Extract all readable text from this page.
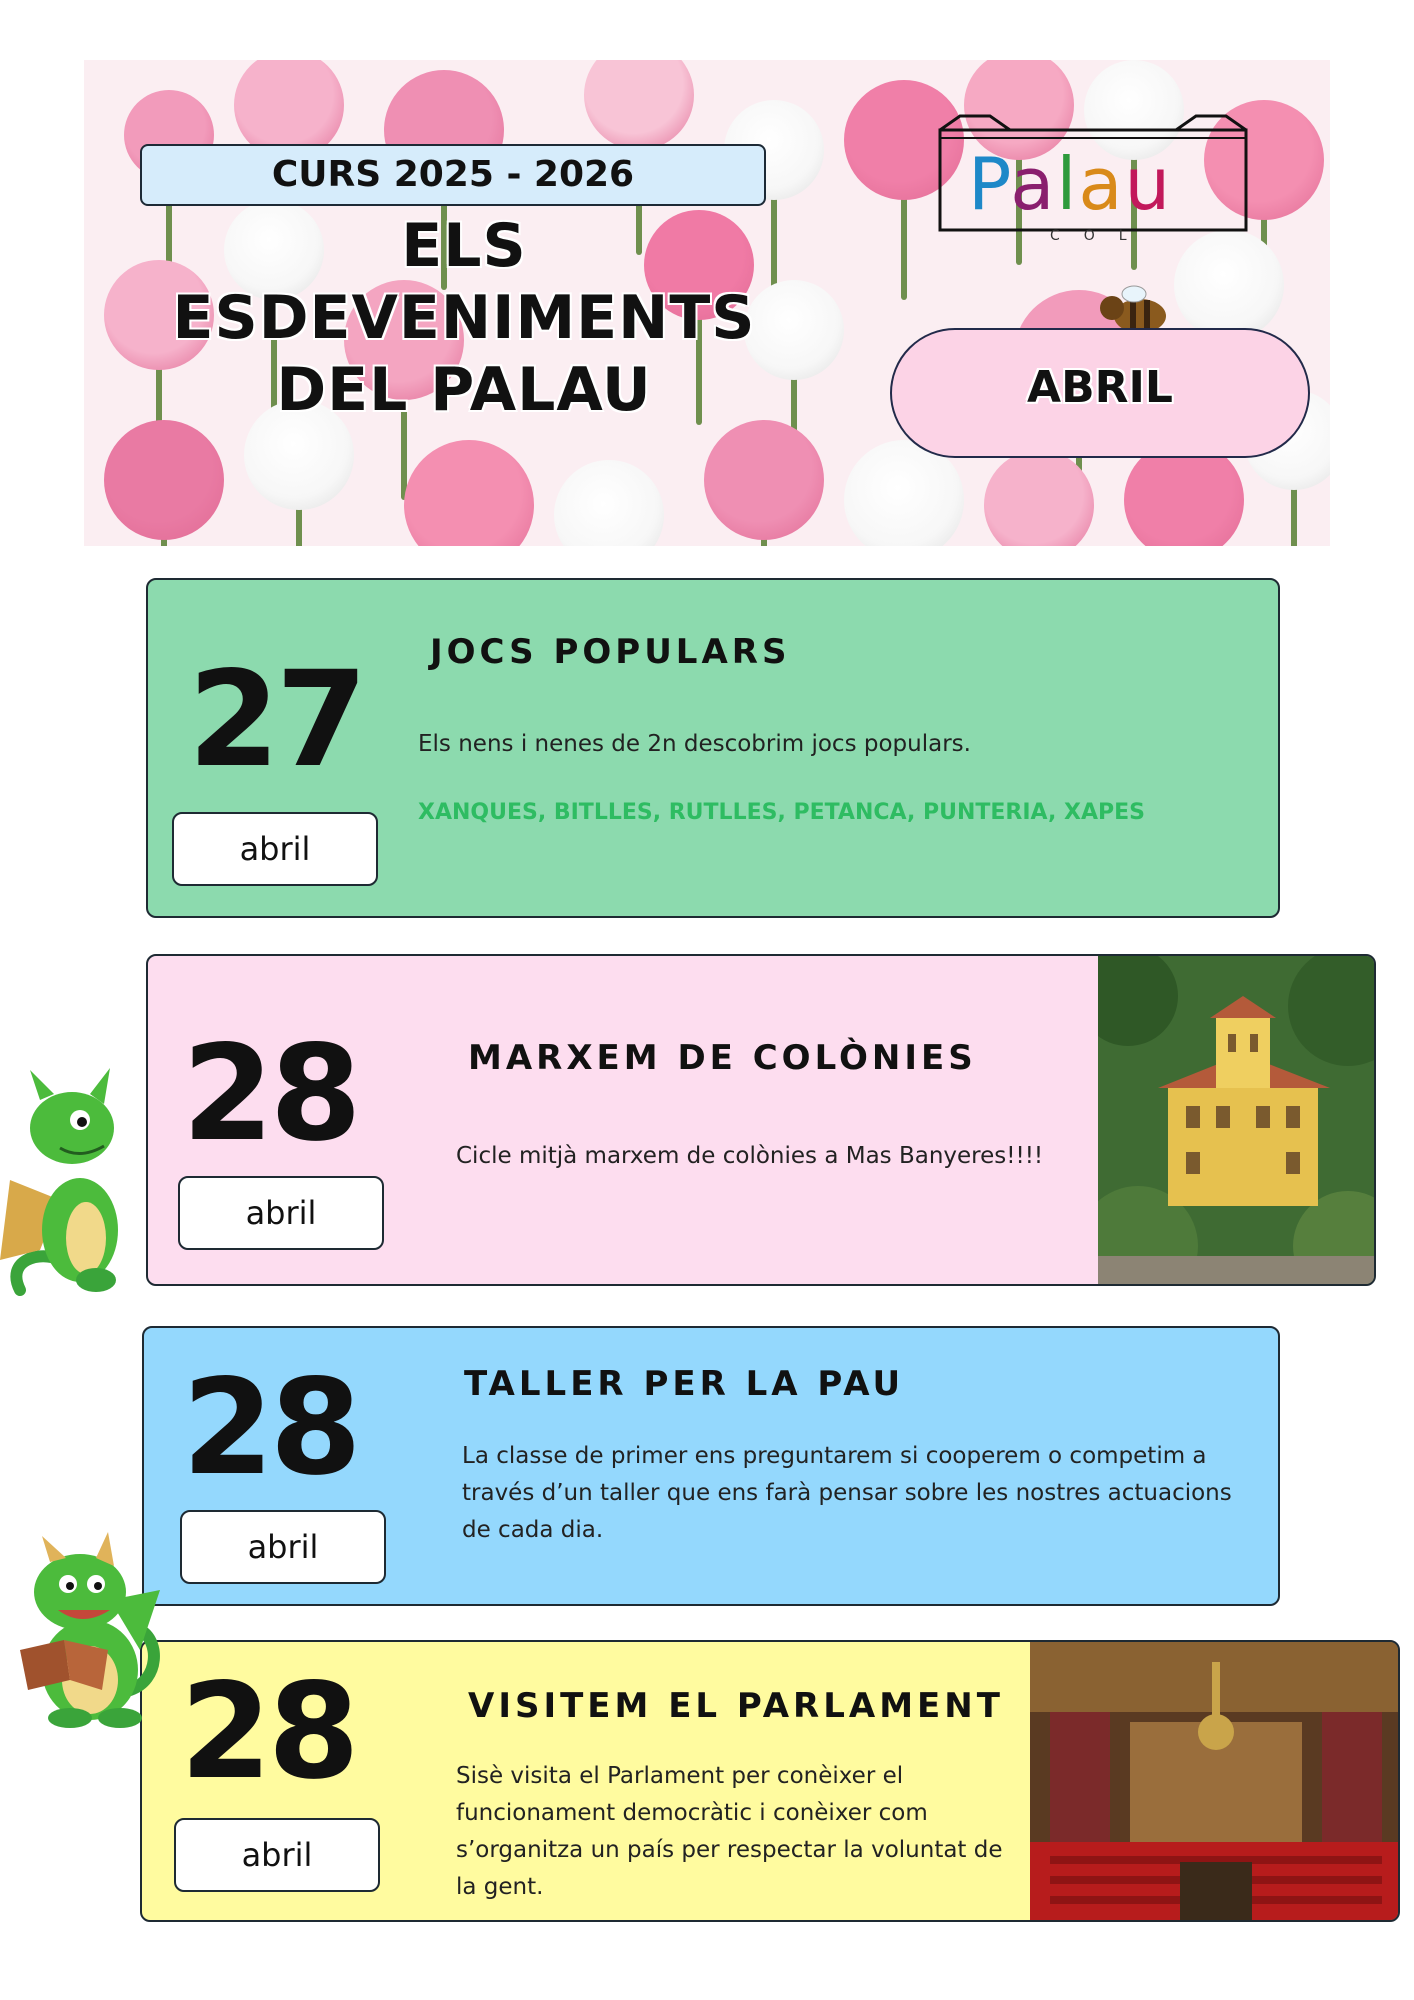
CURS 2025 - 2026
ELS
ESDEVENIMENTS
DEL PALAU
Palau
COL
ABRIL
27
abril
JOCS POPULARS
Els nens i nenes de 2n descobrim jocs populars.
XANQUES, BITLLES, RUTLLES, PETANCA, PUNTERIA, XAPES
28
abril
MARXEM DE COLÒNIES
Cicle mitjà marxem de colònies a Mas Banyeres!!!!
28
abril
TALLER PER LA PAU
La classe de primer ens preguntarem si cooperem o competim a través d’un taller que ens farà pensar sobre les nostres actuacions de cada dia.
28
abril
VISITEM EL PARLAMENT
Sisè visita el Parlament per conèixer el funcionament democràtic i conèixer com s’organitza un país per respectar la voluntat de la gent.
